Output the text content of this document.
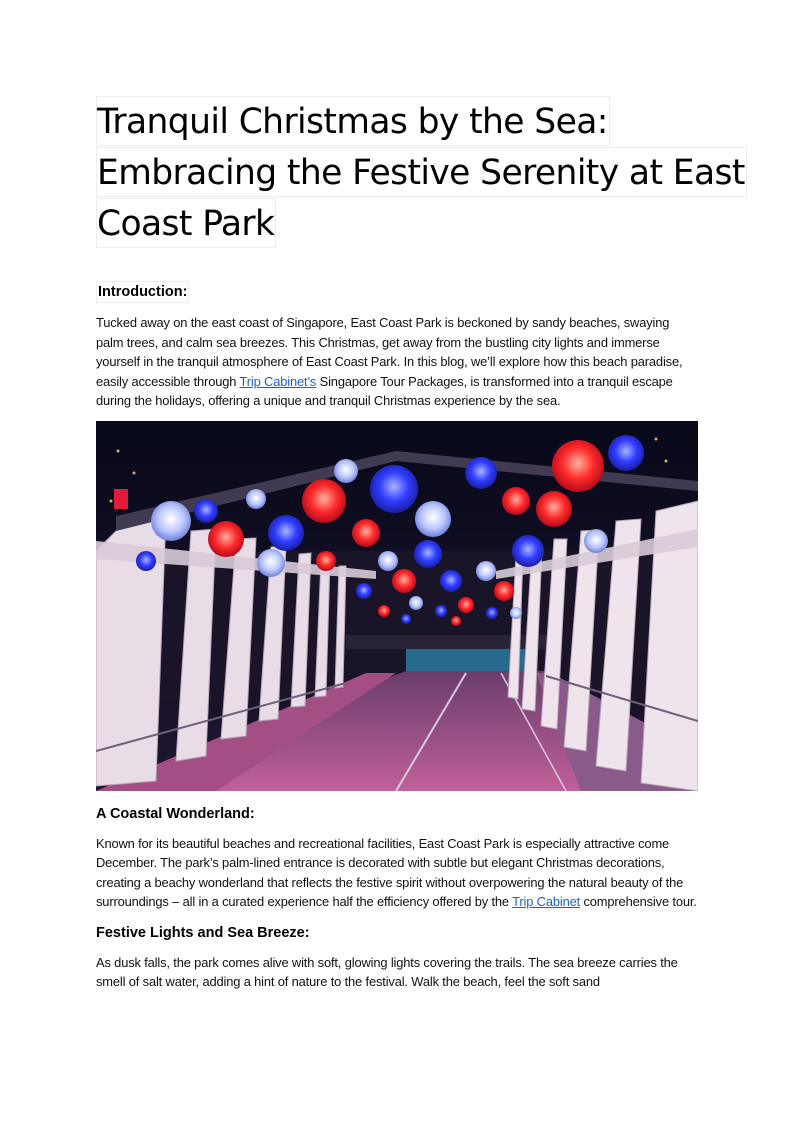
Tranquil Christmas by the Sea:
Embracing the Festive Serenity at East
Coast Park
Introduction:

Tucked away on the east coast of Singapore, East Coast Park is beckoned by sandy beaches, swaying palm trees, and calm sea breezes. This Christmas, get away from the bustling city lights and immerse yourself in the tranquil atmosphere of East Coast Park. In this blog, we’ll explore how this beach paradise, easily accessible through Trip Cabinet’s Singapore Tour Packages, is transformed into a tranquil escape during the holidays, offering a unique and tranquil Christmas experience by the sea.

A Coastal Wonderland:

Known for its beautiful beaches and recreational facilities, East Coast Park is especially attractive come December. The park’s palm-lined entrance is decorated with subtle but elegant Christmas decorations, creating a beachy wonderland that reflects the festive spirit without overpowering the natural beauty of the surroundings – all in a curated experience half the efficiency offered by the Trip Cabinet comprehensive tour.

Festive Lights and Sea Breeze:

As dusk falls, the park comes alive with soft, glowing lights covering the trails. The sea breeze carries the smell of salt water, adding a hint of nature to the festival. Walk the beach, feel the soft sand
